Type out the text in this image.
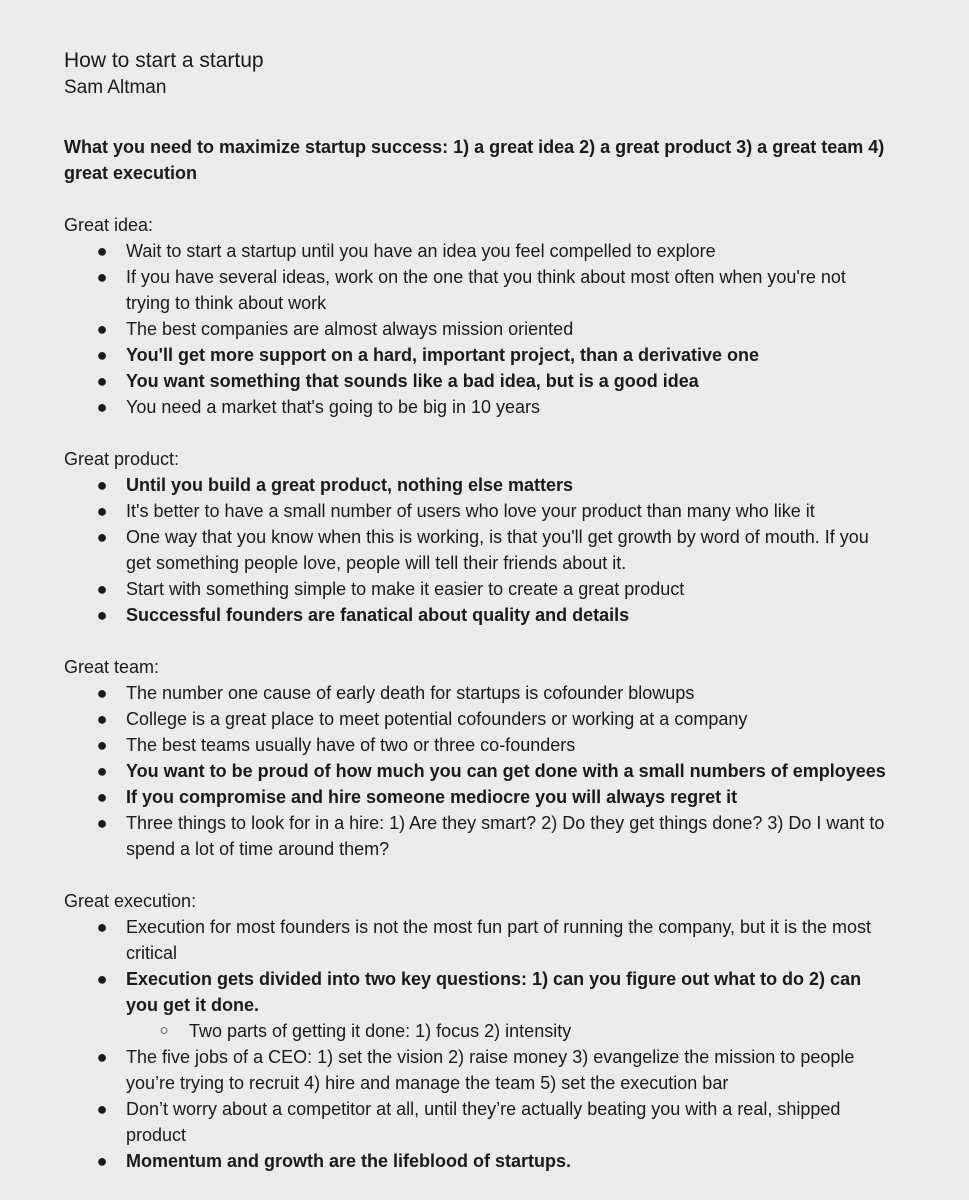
How to start a startup
Sam Altman

What you need to maximize startup success: 1) a great idea 2) a great product 3) a great team 4) great execution

Great idea:
● Wait to start a startup until you have an idea you feel compelled to explore
● If you have several ideas, work on the one that you think about most often when you're not trying to think about work
● The best companies are almost always mission oriented
● You'll get more support on a hard, important project, than a derivative one
● You want something that sounds like a bad idea, but is a good idea
● You need a market that's going to be big in 10 years
Great product:
● Until you build a great product, nothing else matters
● It's better to have a small number of users who love your product than many who like it
● One way that you know when this is working, is that you'll get growth by word of mouth. If you get something people love, people will tell their friends about it.
● Start with something simple to make it easier to create a great product
● Successful founders are fanatical about quality and details
Great team:
● The number one cause of early death for startups is cofounder blowups
● College is a great place to meet potential cofounders or working at a company
● The best teams usually have of two or three co-founders
● You want to be proud of how much you can get done with a small numbers of employees
● If you compromise and hire someone mediocre you will always regret it
● Three things to look for in a hire: 1) Are they smart? 2) Do they get things done? 3) Do I want to spend a lot of time around them?
Great execution:
● Execution for most founders is not the most fun part of running the company, but it is the most critical
● Execution gets divided into two key questions: 1) can you figure out what to do 2) can you get it done.
○ Two parts of getting it done: 1) focus 2) intensity
● The five jobs of a CEO: 1) set the vision 2) raise money 3) evangelize the mission to people you’re trying to recruit 4) hire and manage the team 5) set the execution bar
● Don’t worry about a competitor at all, until they’re actually beating you with a real, shipped product
● Momentum and growth are the lifeblood of startups.
